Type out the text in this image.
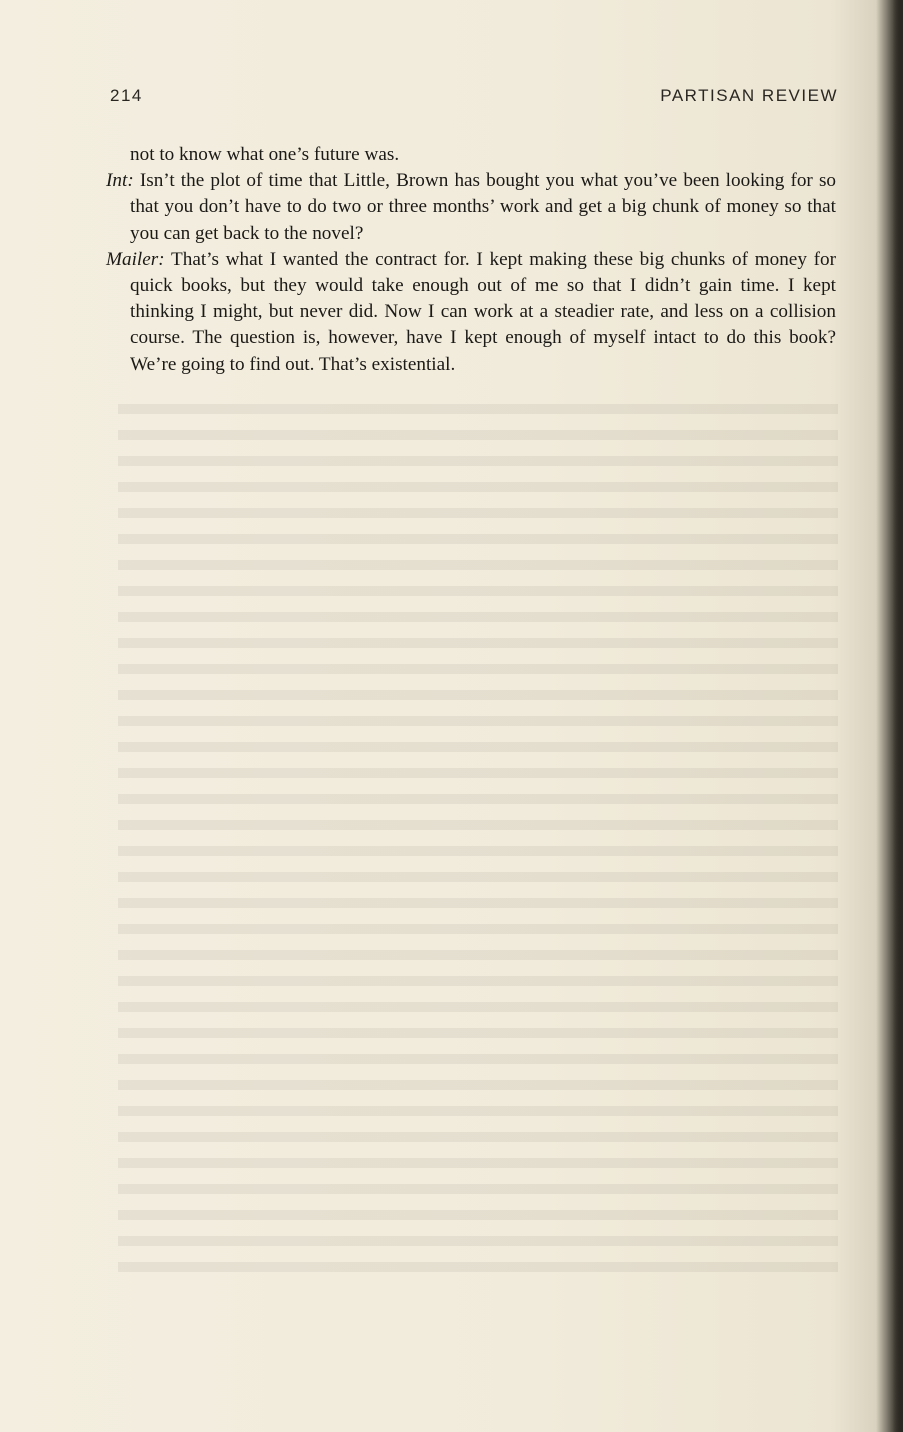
214	PARTISAN REVIEW

not to know what one’s future was.

Int: Isn’t the plot of time that Little, Brown has bought you what you’ve been looking for so that you don’t have to do two or three months’ work and get a big chunk of money so that you can get back to the novel?

Mailer: That’s what I wanted the contract for. I kept making these big chunks of money for quick books, but they would take enough out of me so that I didn’t gain time. I kept thinking I might, but never did. Now I can work at a steadier rate, and less on a collision course. The question is, however, have I kept enough of myself intact to do this book? We’re going to find out. That’s existential.
